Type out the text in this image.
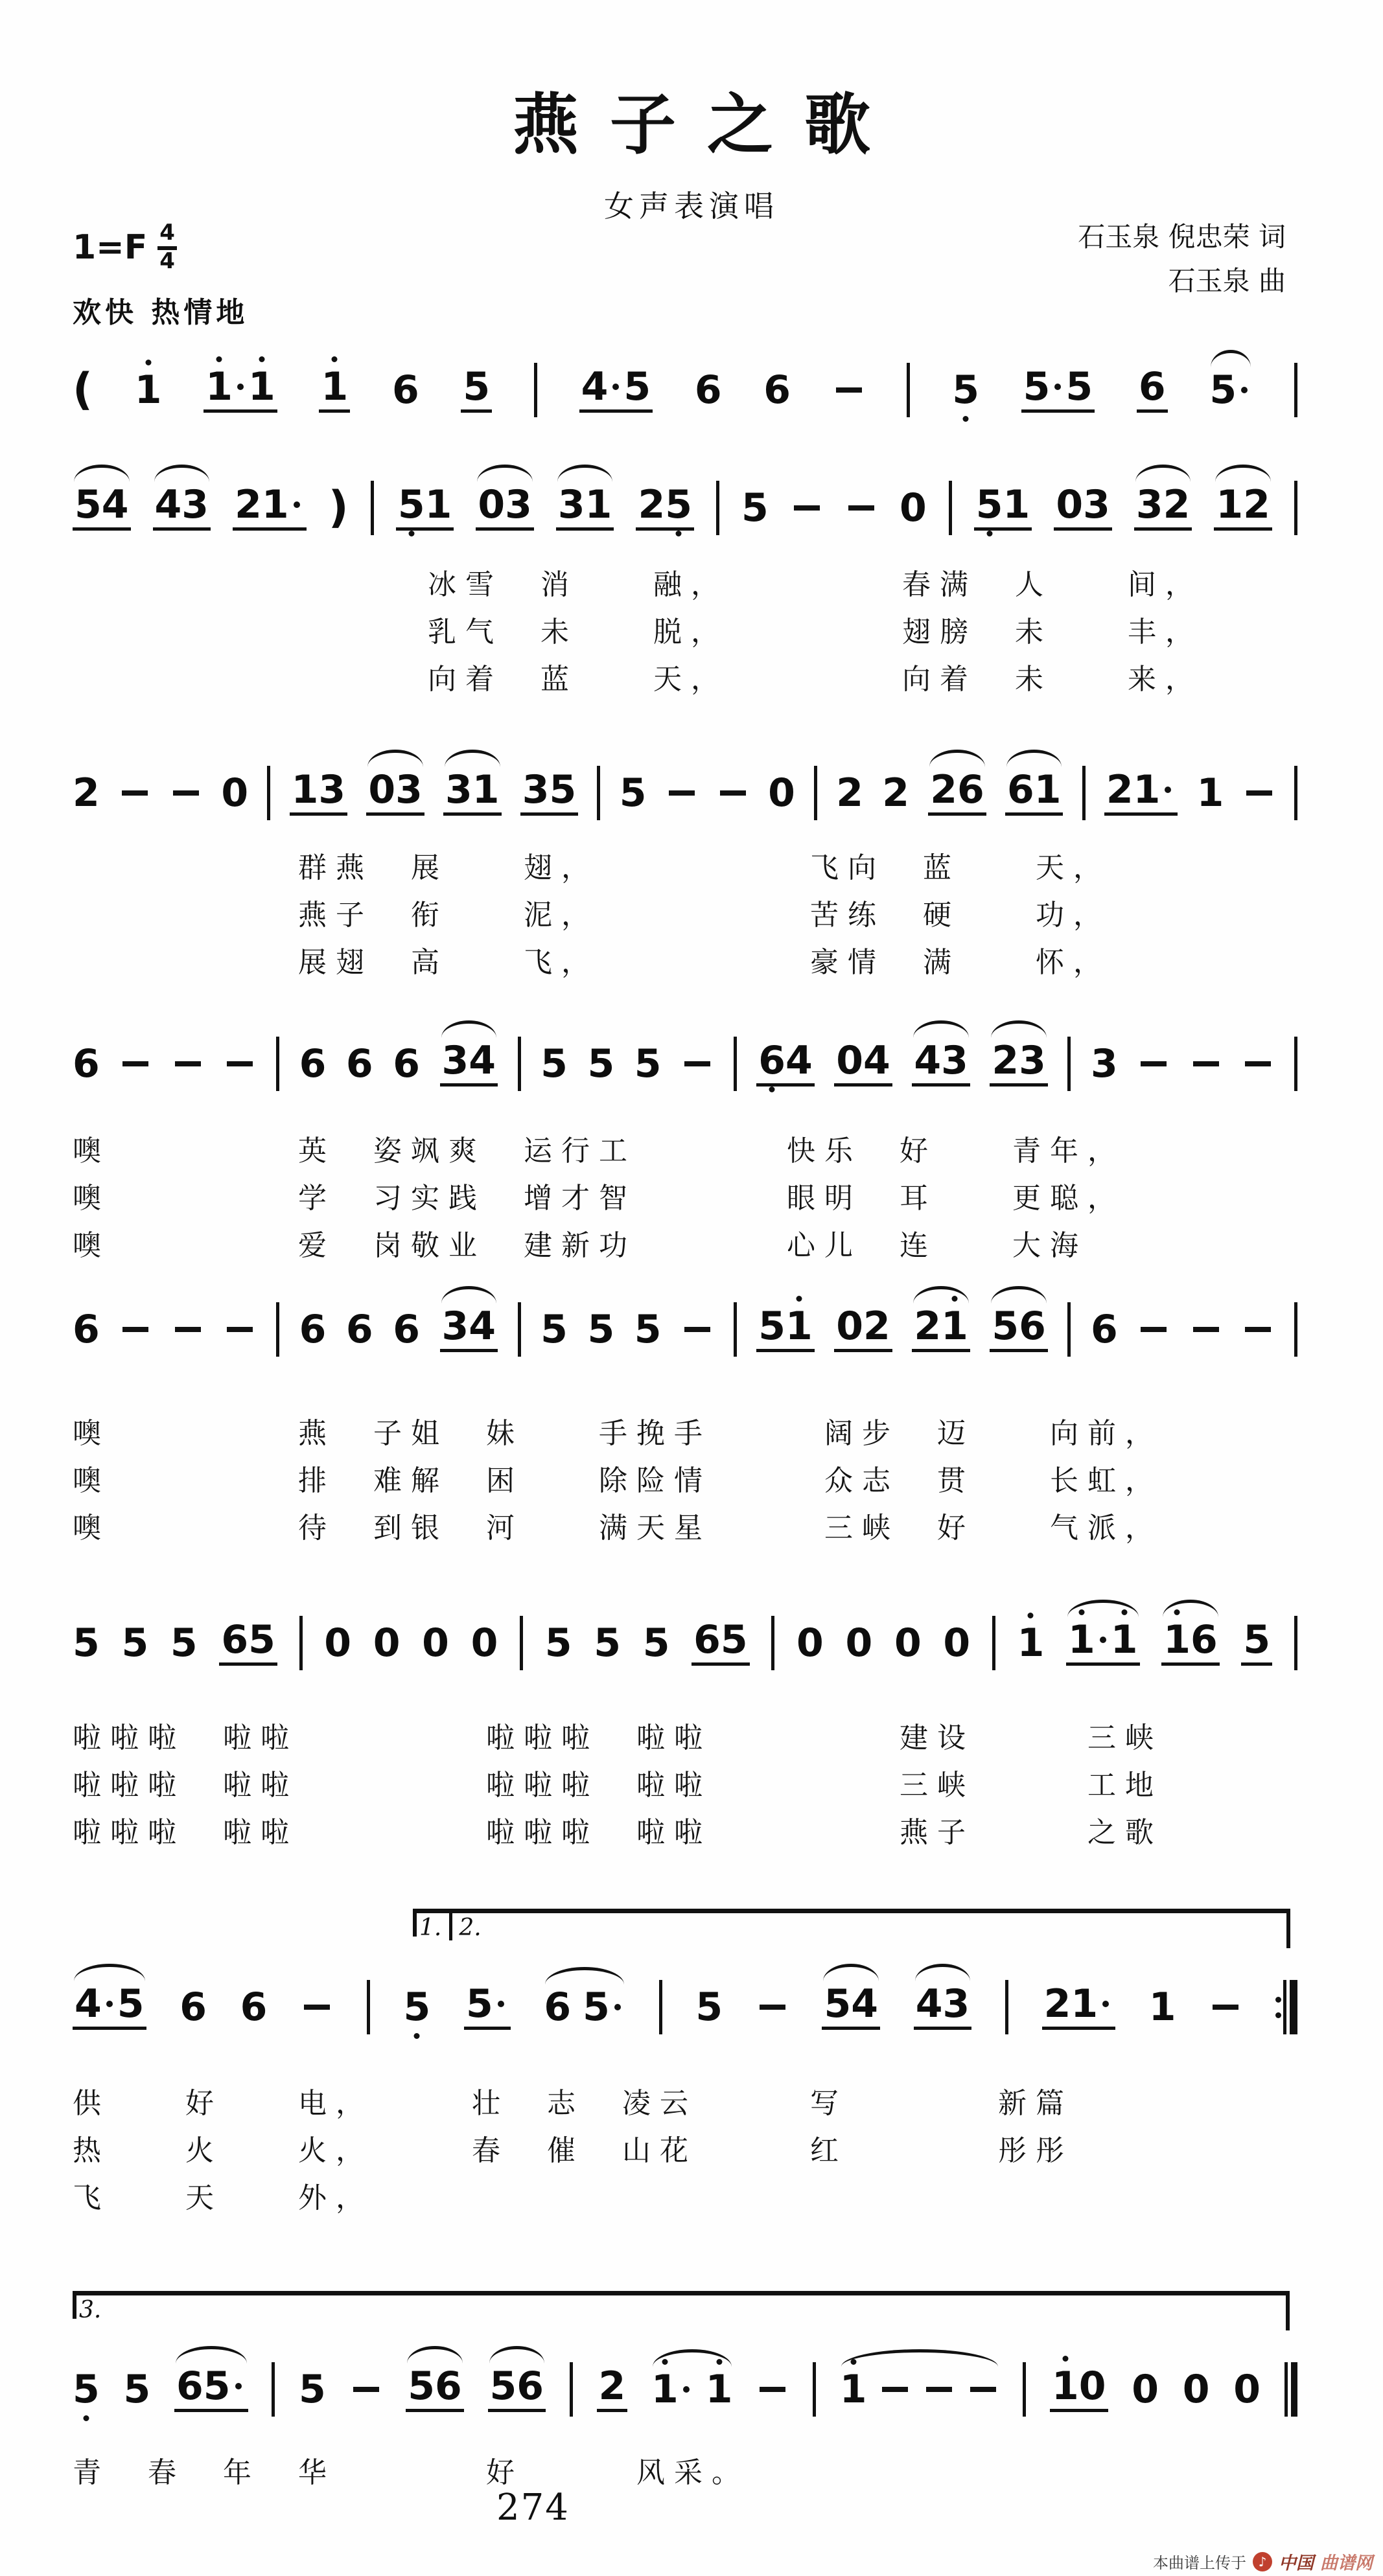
燕子之歌
女声表演唱
$1=F \frac{4}{4}$	石玉泉 倪忠荣 词
石玉泉 曲
欢快 热情地
( 1 1 1 1 6 5 4 5 6 6	5 5 5 6 5
5 4 4 3 2 1 ) 5 1 0 3 3 1 2 5 5	0 5 1 0 3 3 2 1 2
2	0 1 3 0 3 3 1 3 5 5	0 2 2 2 6 6 1 2 1 1
6	6 6 6 3 4 5 5 5 6 4 0 4 4 3 2 3 3
6	6 6 6 3 4 5 5 5 5 1 0 2 2 1 5 6 6
5 5 5 6 5 0 0 0 0 5 5 5 6 5 0 0 0 0 1 1 1 1 6 5
4 5 6 6	5 5 6 5 5	5 4 4 3 2 1 1
5 5 6 5 5 5 6 5 6 2 1 1	1	1 0 0 0 0
冰雪　消　　融，　　　　　春满　人　　间，
乳气　未　　脱，　　　　　翅膀　未　　丰，
向着　蓝　　天，　　　　　向着　未　　来，
群燕　展　　翅，　　　　　　飞向　蓝　　天，
燕子　衔　　泥，　　　　　　苦练　硬　　功，
展翅　高　　飞，　　　　　　豪情　满　　怀，
噢　　　　　英　姿飒爽　运行工　　　　快乐　好　　青年，
噢　　　　　学　习实践　增才智　　　　眼明　耳　　更聪，
噢　　　　　爱　岗敬业　建新功　　　　心儿　连　　大海
噢　　　　　燕　子姐　妹　　手挽手　　　阔步　迈　　向前，
噢　　　　　排　难解　困　　除险情　　　众志　贯　　长虹，
噢　　　　　待　到银　河　　满天星　　　三峡　好　　气派，
啦啦啦　啦啦　　　　　啦啦啦　啦啦　　　　　建设　　　三峡
啦啦啦　啦啦　　　　　啦啦啦　啦啦　　　　　三峡　　　工地
啦啦啦　啦啦　　　　　啦啦啦　啦啦　　　　　燕子　　　之歌
供　　好　　电，　　　壮　志　凌云　　　写　　　　新篇
热　　火　　火，　　　春　催　山花　　　红　　　　彤彤
飞　　天　　外，
青　春　年　华　　　　好　　　风采。
1. 2.
3.
274
本曲谱上传于 ♪ 中国 曲谱网
